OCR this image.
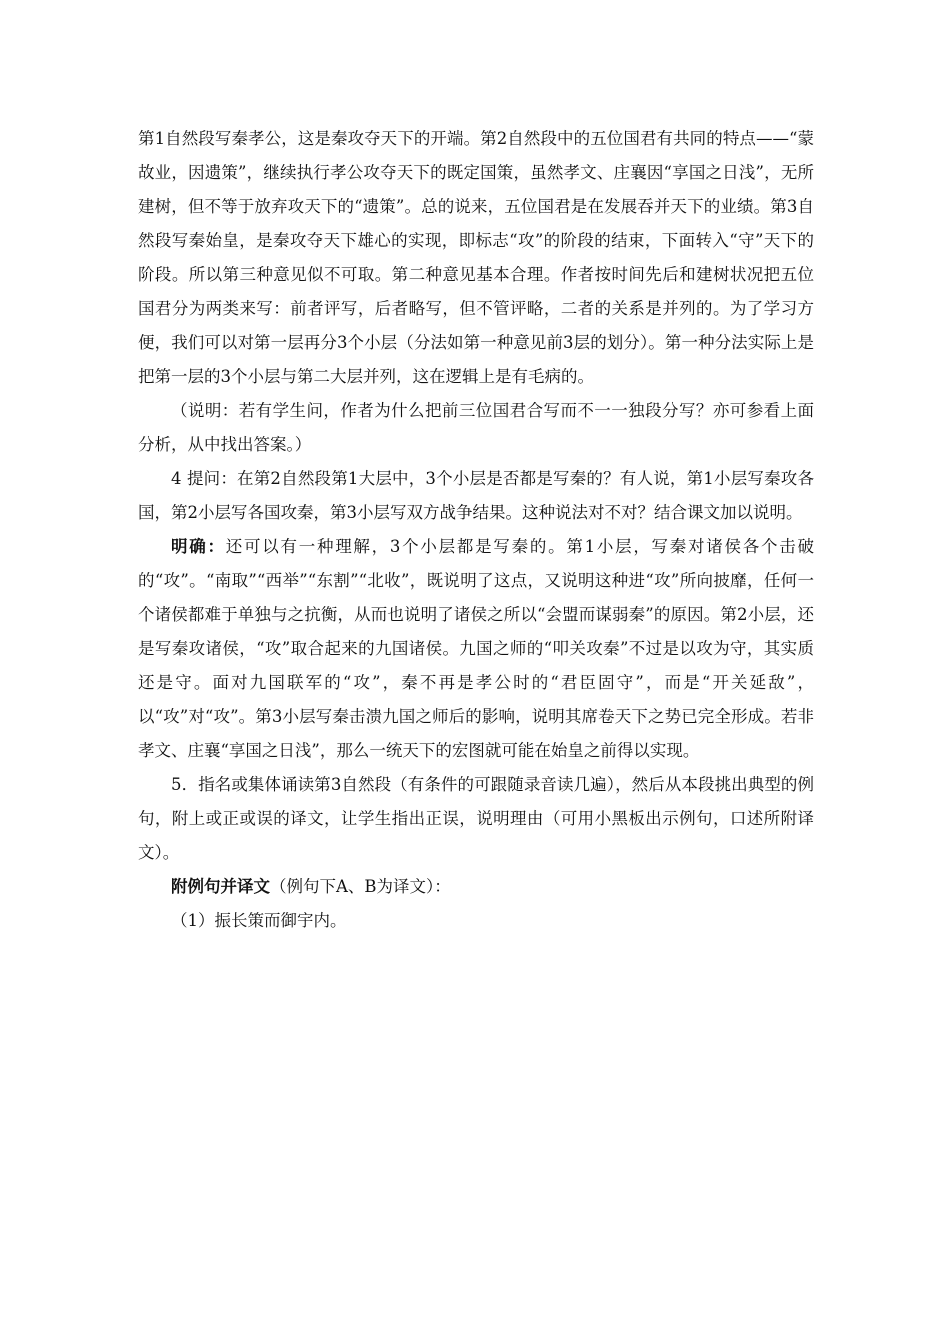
第1自然段写秦孝公，这是秦攻夺天下的开端。第2自然段中的五位国君有共同的特点——“蒙故业，因遗策”，继续执行孝公攻夺天下的既定国策，虽然孝文、庄襄因“享国之日浅”，无所建树，但不等于放弃攻天下的“遗策”。总的说来，五位国君是在发展吞并天下的业绩。第3自然段写秦始皇，是秦攻夺天下雄心的实现，即标志“攻”的阶段的结束，下面转入“守”天下的阶段。所以第三种意见似不可取。第二种意见基本合理。作者按时间先后和建树状况把五位国君分为两类来写：前者评写，后者略写，但不管评略，二者的关系是并列的。为了学习方便，我们可以对第一层再分3个小层（分法如第一种意见前3层的划分）。第一种分法实际上是把第一层的3个小层与第二大层并列，这在逻辑上是有毛病的。

（说明：若有学生问，作者为什么把前三位国君合写而不一一独段分写？亦可参看上面分析，从中找出答案。）

4 提问：在第2自然段第1大层中，3个小层是否都是写秦的？有人说，第1小层写秦攻各国，第2小层写各国攻秦，第3小层写双方战争结果。这种说法对不对？结合课文加以说明。

明确：还可以有一种理解，3个小层都是写秦的。第1小层，写秦对诸侯各个击破的“攻”。“南取”“西举”“东割”“北收”，既说明了这点，又说明这种进“攻”所向披靡，任何一个诸侯都难于单独与之抗衡，从而也说明了诸侯之所以“会盟而谋弱秦”的原因。第2小层，还是写秦攻诸侯，“攻”取合起来的九国诸侯。九国之师的“叩关攻秦”不过是以攻为守，其实质还是守。面对九国联军的“攻”，秦不再是孝公时的“君臣固守”，而是“开关延敌”，以“攻”对“攻”。第3小层写秦击溃九国之师后的影响，说明其席卷天下之势已完全形成。若非孝文、庄襄“享国之日浅”，那么一统天下的宏图就可能在始皇之前得以实现。

5．指名或集体诵读第3自然段（有条件的可跟随录音读几遍），然后从本段挑出典型的例句，附上或正或误的译文，让学生指出正误，说明理由（可用小黑板出示例句，口述所附译文）。

附例句并译文（例句下A、B为译文）：

（1）振长策而御宇内。
